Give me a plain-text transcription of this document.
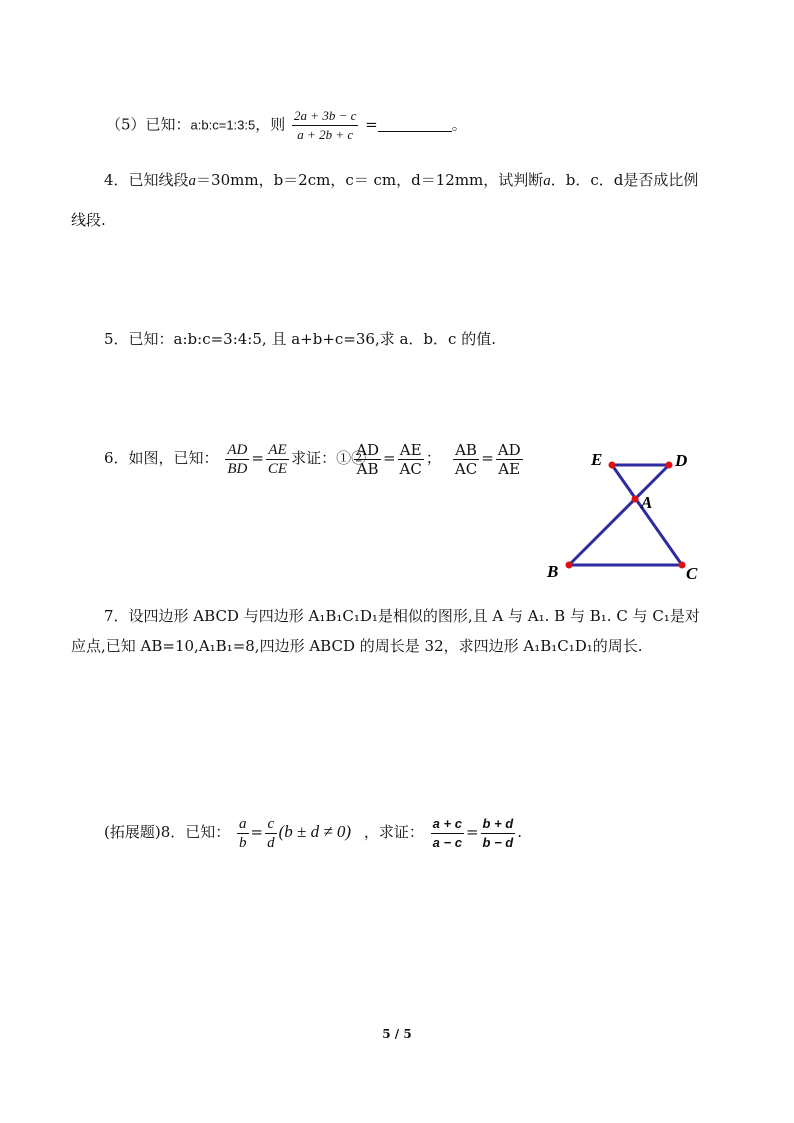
（5）已知：a:b:c=1:3:5，则 $\frac{2a + 3b - c}{a + 2b + c}$ =	。
4．已知线段a＝30mm，b＝2cm，c＝ cm，d＝12mm，试判断a．b．c．d是否成比例
线段.
5．已知：a:b:c=3:4:5, 且 a+b+c=36,求 a．b．c 的值.
6．如图，已知： $\frac{AD}{BD} = \frac{AE}{CE}$ 求证：①②
$\frac{AD}{AB} = \frac{AE}{AC}$ ； $\frac{AB}{AC} = \frac{AD}{AE}$	E	D
A
B	C
7．设四边形 ABCD 与四边形 A₁B₁C₁D₁是相似的图形,且 A 与 A₁. B 与 B₁. C 与 C₁是对
应点,已知 AB=10,A₁B₁=8,四边形 ABCD 的周长是 32，求四边形 A₁B₁C₁D₁的周长.
(拓展题)8．已知： $\frac{a}{b} = \frac{c}{d} (b \pm d \ne 0)$ ，求证： $\frac{a + c}{a - c} = \frac{b + d}{b - d}$ .
5 / 5
